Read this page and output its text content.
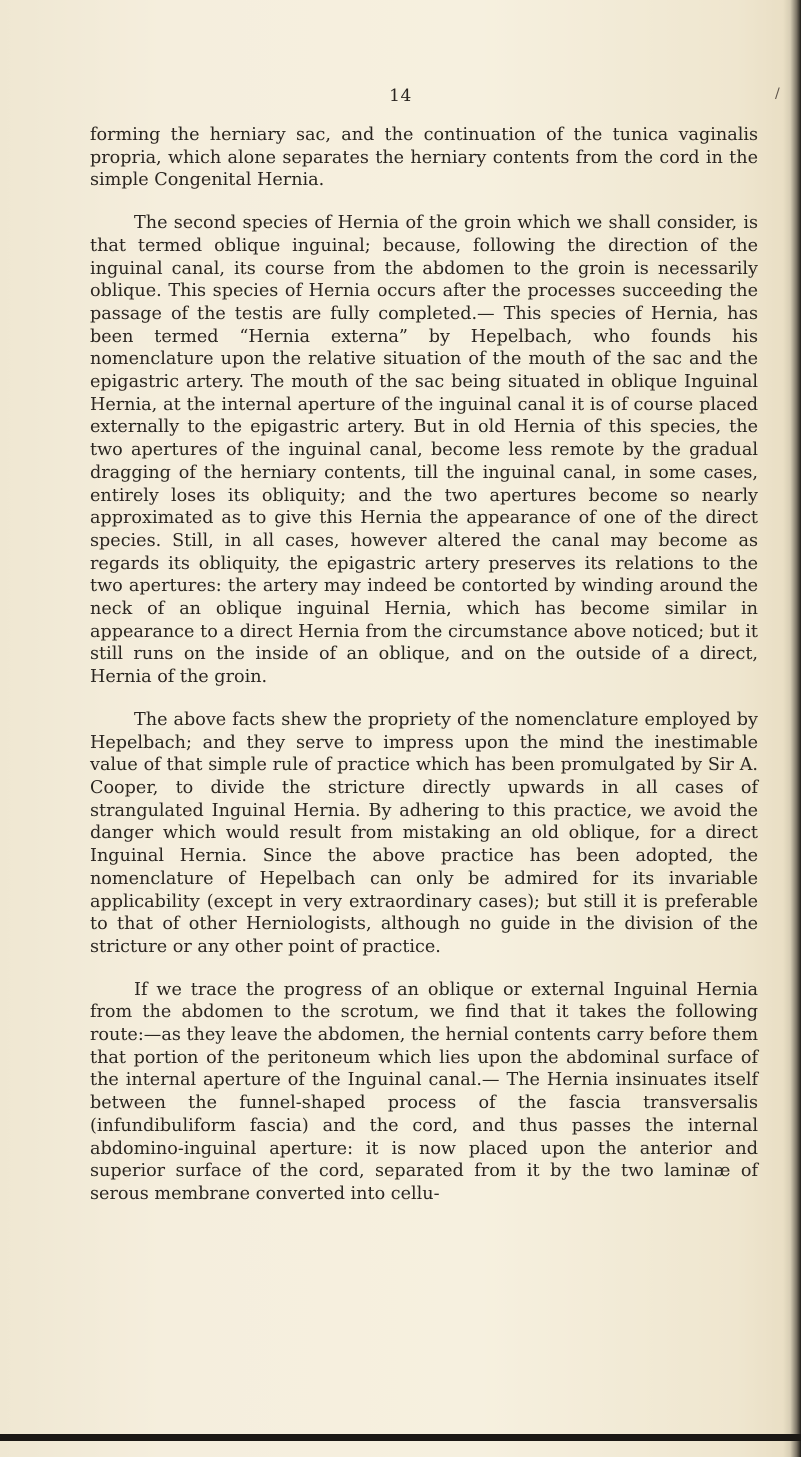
14	/

forming the herniary sac, and the continuation of the tunica vaginalis propria, which alone separates the herniary contents from the cord in the simple Congenital Hernia.

The second species of Hernia of the groin which we shall consider, is that termed oblique inguinal; because, following the direction of the inguinal canal, its course from the abdomen to the groin is necessarily oblique. This species of Hernia occurs after the processes succeeding the passage of the testis are fully completed.— This species of Hernia, has been termed “Hernia externa” by Hepelbach, who founds his nomenclature upon the relative situation of the mouth of the sac and the epigastric artery. The mouth of the sac being situated in oblique Inguinal Hernia, at the internal aperture of the inguinal canal it is of course placed externally to the epigastric artery. But in old Hernia of this species, the two apertures of the inguinal canal, become less remote by the gradual dragging of the herniary contents, till the inguinal canal, in some cases, entirely loses its obliquity; and the two apertures become so nearly approximated as to give this Hernia the appearance of one of the direct species. Still, in all cases, however altered the canal may become as regards its obliquity, the epigastric artery preserves its relations to the two apertures: the artery may indeed be contorted by winding around the neck of an oblique inguinal Hernia, which has become similar in appearance to a direct Hernia from the circumstance above noticed; but it still runs on the inside of an oblique, and on the outside of a direct, Hernia of the groin.

The above facts shew the propriety of the nomenclature employed by Hepelbach; and they serve to impress upon the mind the inestimable value of that simple rule of practice which has been promulgated by Sir A. Cooper, to divide the stricture directly upwards in all cases of strangulated Inguinal Hernia. By adhering to this practice, we avoid the danger which would result from mistaking an old oblique, for a direct Inguinal Hernia. Since the above practice has been adopted, the nomenclature of Hepelbach can only be admired for its invariable applicability (except in very extraordinary cases); but still it is preferable to that of other Herniologists, although no guide in the division of the stricture or any other point of practice.

If we trace the progress of an oblique or external Inguinal Hernia from the abdomen to the scrotum, we find that it takes the following route:—as they leave the abdomen, the hernial contents carry before them that portion of the peritoneum which lies upon the abdominal surface of the internal aperture of the Inguinal canal.— The Hernia insinuates itself between the funnel-shaped process of the fascia transversalis (infundibuliform fascia) and the cord, and thus passes the internal abdomino-inguinal aperture: it is now placed upon the anterior and superior surface of the cord, separated from it by the two laminæ of serous membrane converted into cellu-
